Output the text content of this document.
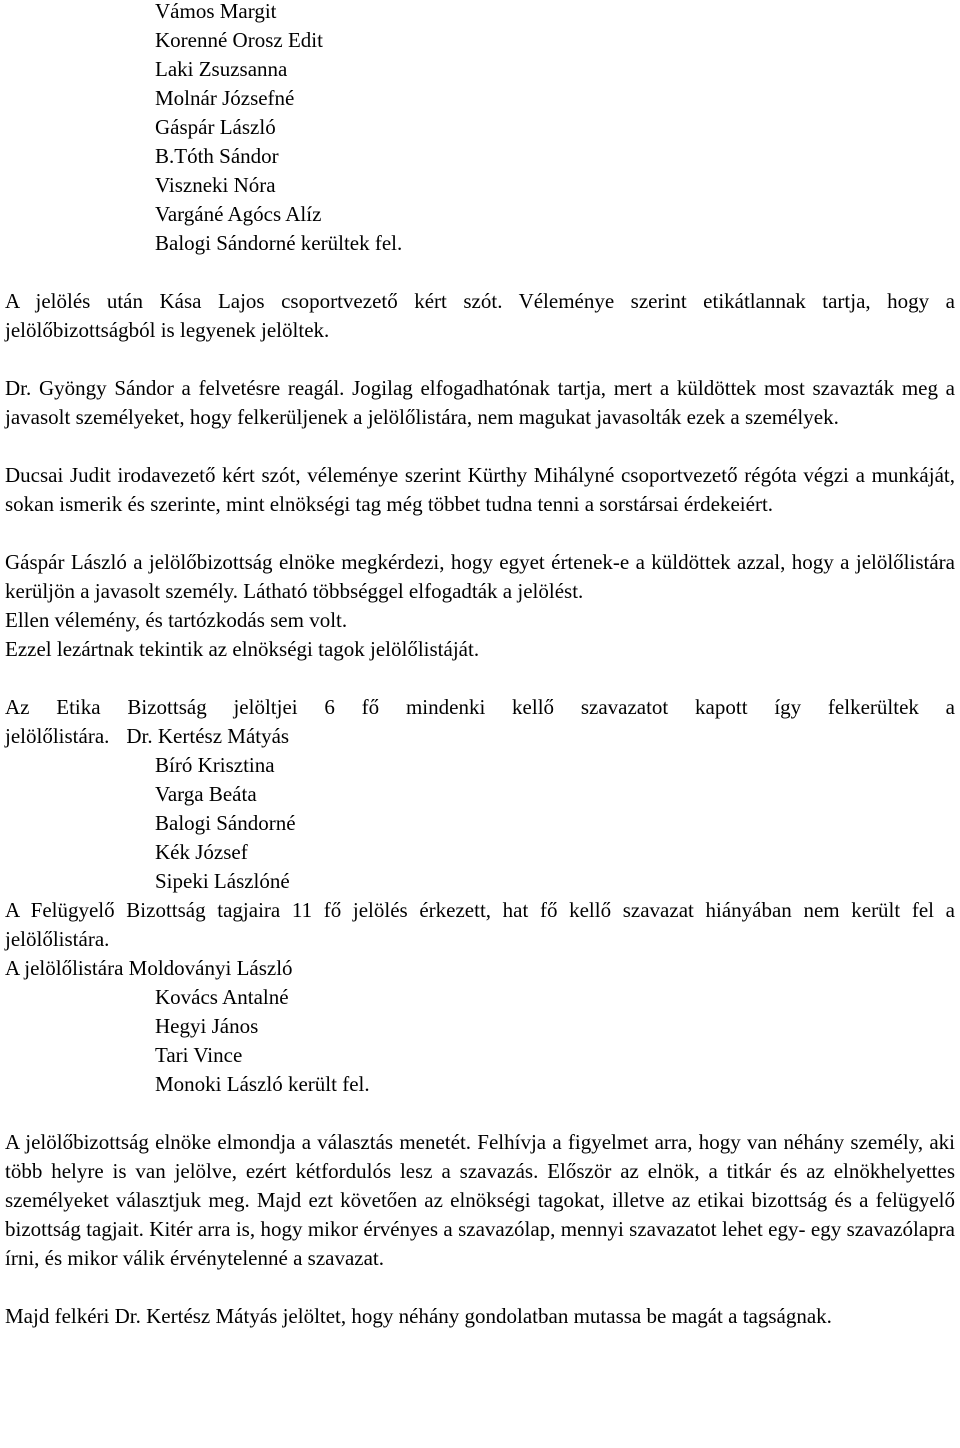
Vámos Margit
Korenné Orosz Edit
Laki Zsuzsanna
Molnár Józsefné
Gáspár László
B.Tóth Sándor
Viszneki Nóra
Vargáné Agócs Alíz
Balogi Sándorné kerültek fel.

A jelölés után Kása Lajos csoportvezető kért szót. Véleménye szerint etikátlannak tartja, hogy a jelölőbizottságból is legyenek jelöltek.

Dr. Gyöngy Sándor a felvetésre reagál. Jogilag elfogadhatónak tartja, mert a küldöttek most szavazták meg a javasolt személyeket, hogy felkerüljenek a jelölőlistára, nem magukat javasolták ezek a személyek.

Ducsai Judit irodavezető kért szót, véleménye szerint Kürthy Mihályné csoportvezető régóta végzi a munkáját, sokan ismerik és szerinte, mint elnökségi tag még többet tudna tenni a sorstársai érdekeiért.

Gáspár László a jelölőbizottság elnöke megkérdezi, hogy egyet értenek-e a küldöttek azzal, hogy a jelölőlistára kerüljön a javasolt személy. Látható többséggel elfogadták a jelölést.

Ellen vélemény, és tartózkodás sem volt.
Ezzel lezártnak tekintik az elnökségi tagok jelölőlistáját.

Az Etika Bizottság jelöltjei 6 fő mindenki kellő szavazatot kapott így felkerültek a

jelölőlistára. Dr. Kertész Mátyás
Bíró Krisztina
Varga Beáta
Balogi Sándorné
Kék József
Sipeki Lászlóné

A Felügyelő Bizottság tagjaira 11 fő jelölés érkezett, hat fő kellő szavazat hiányában nem került fel a jelölőlistára.

A jelölőlistára Moldoványi László
Kovács Antalné
Hegyi János
Tari Vince
Monoki László került fel.

A jelölőbizottság elnöke elmondja a választás menetét. Felhívja a figyelmet arra, hogy van néhány személy, aki több helyre is van jelölve, ezért kétfordulós lesz a szavazás. Először az elnök, a titkár és az elnökhelyettes személyeket választjuk meg. Majd ezt követően az elnökségi tagokat, illetve az etikai bizottság és a felügyelő bizottság tagjait. Kitér arra is, hogy mikor érvényes a szavazólap, mennyi szavazatot lehet egy- egy szavazólapra írni, és mikor válik érvénytelenné a szavazat.

Majd felkéri Dr. Kertész Mátyás jelöltet, hogy néhány gondolatban mutassa be magát a tagságnak.
